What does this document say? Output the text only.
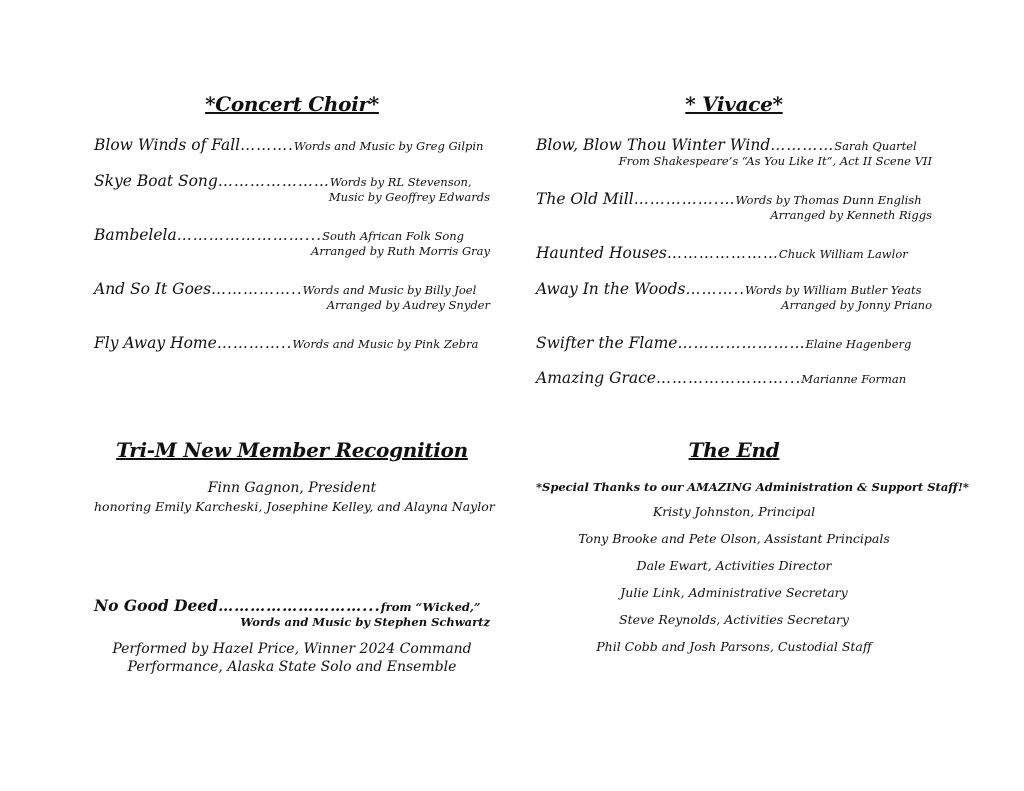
*Concert Choir*

Blow Winds of Fall ………. Words and Music by Greg Gilpin
Skye Boat Song ………………… Words by RL Stevenson,
Music by Geoffrey Edwards
Bambelela ……………………... South African Folk Song
Arranged by Ruth Morris Gray
And So It Goes …………….. Words and Music by Billy Joel
Arranged by Audrey Snyder
Fly Away Home ………….. Words and Music by Pink Zebra

* Vivace*

Blow, Blow Thou Winter Wind ………… Sarah Quartel
From Shakespeare’s “As You Like It”, Act II Scene VII
The Old Mill …………….… Words by Thomas Dunn English
Arranged by Kenneth Riggs
Haunted Houses ………………… Chuck William Lawlor
Away In the Woods ……….. Words by William Butler Yeats
Arranged by Jonny Priano
Swifter the Flame …………………… Elaine Hagenberg
Amazing Grace ……………………... Marianne Forman

Tri-M New Member Recognition

Finn Gagnon, President
honoring Emily Karcheski, Josephine Kelley, and Alayna Naylor
No Good Deed ………………………... from “Wicked,”
Words and Music by Stephen Schwartz
Performed by Hazel Price, Winner 2024 Command
Performance, Alaska State Solo and Ensemble

The End

*Special Thanks to our AMAZING Administration & Support Staff!*
Kristy Johnston, Principal
Tony Brooke and Pete Olson, Assistant Principals
Dale Ewart, Activities Director
Julie Link, Administrative Secretary
Steve Reynolds, Activities Secretary
Phil Cobb and Josh Parsons, Custodial Staff
